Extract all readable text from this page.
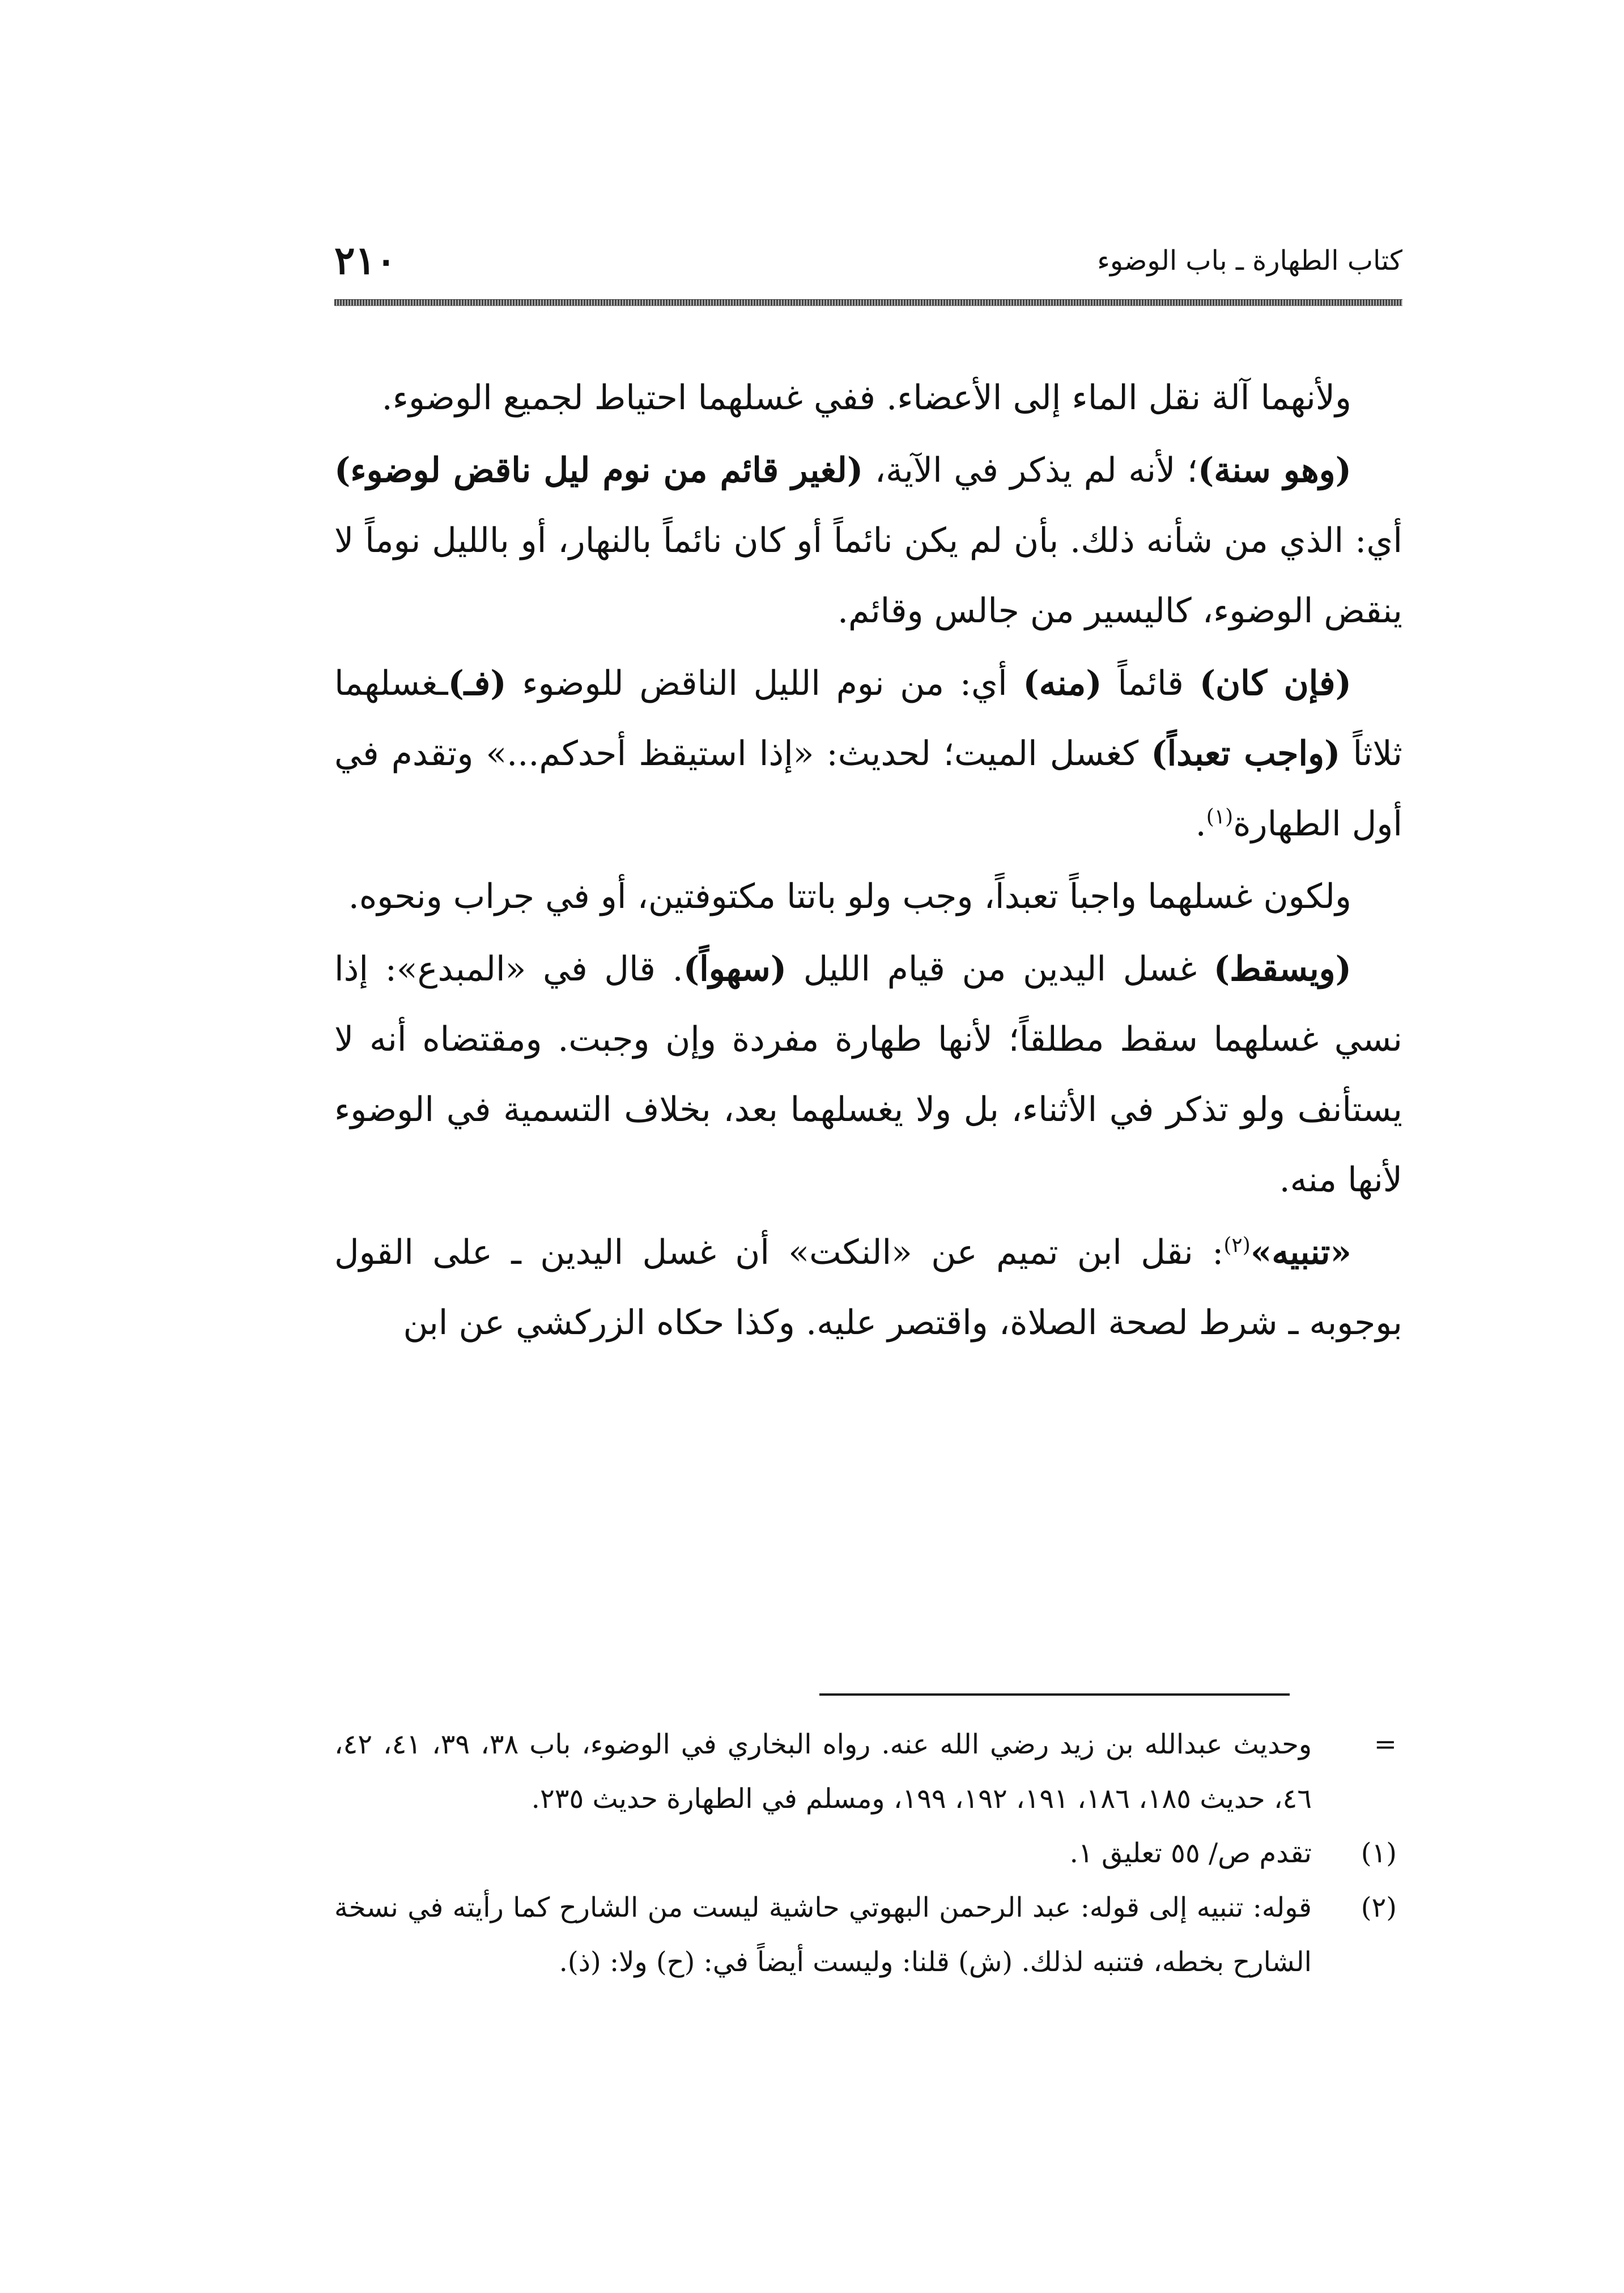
كتاب الطهارة ـ باب الوضوء
٢١٠

ولأنهما آلة نقل الماء إلى الأعضاء. ففي غسلهما احتياط لجميع الوضوء.

(وهو سنة)؛ لأنه لم يذكر في الآية، (لغير قائم من نوم ليل ناقض لوضوء) أي: الذي من شأنه ذلك. بأن لم يكن نائماً أو كان نائماً بالنهار، أو بالليل نوماً لا ينقض الوضوء، كاليسير من جالس وقائم.

(فإن كان) قائماً (منه) أي: من نوم الليل الناقض للوضوء (فـ)ـغسلهما ثلاثاً (واجب تعبداً) كغسل الميت؛ لحديث: «إذا استيقظ أحدكم...» وتقدم في أول الطهارة$^{(١)}$.

ولكون غسلهما واجباً تعبداً، وجب ولو باتتا مكتوفتين، أو في جراب ونحوه.

(ويسقط) غسل اليدين من قيام الليل (سهواً). قال في «المبدع»: إذا نسي غسلهما سقط مطلقاً؛ لأنها طهارة مفردة وإن وجبت. ومقتضاه أنه لا يستأنف ولو تذكر في الأثناء، بل ولا يغسلهما بعد، بخلاف التسمية في الوضوء لأنها منه.

«تنبيه»$^{(٢)}$: نقل ابن تميم عن «النكت» أن غسل اليدين ـ على القول بوجوبه ـ شرط لصحة الصلاة، واقتصر عليه. وكذا حكاه الزركشي عن ابن

=
وحديث عبدالله بن زيد رضي الله عنه. رواه البخاري في الوضوء، باب ٣٨، ٣٩، ٤١، ٤٢، ٤٦، حديث ١٨٥، ١٨٦، ١٩١، ١٩٢، ١٩٩، ومسلم في الطهارة حديث ٢٣٥.

(١)
تقدم ص/ ٥٥ تعليق ١.

(٢)
قوله: تنبيه إلى قوله: عبد الرحمن البهوتي حاشية ليست من الشارح كما رأيته في نسخة الشارح بخطه، فتنبه لذلك. (ش) قلنا: وليست أيضاً في: (ح) ولا: (ذ).
